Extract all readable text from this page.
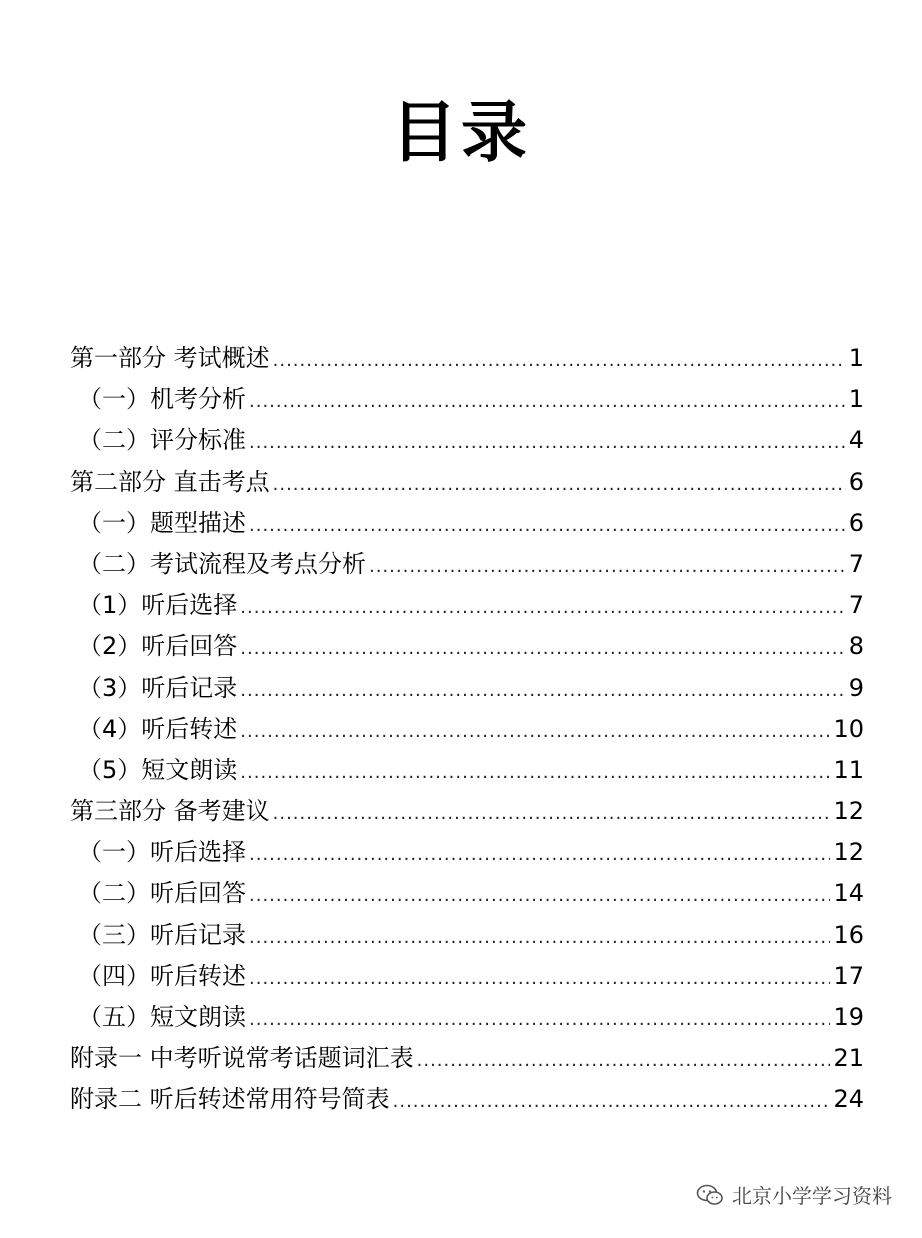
目录
第一部分 考试概述 .....	1
（一）机考分析 .....	1
（二）评分标准 .....	4
第二部分 直击考点 .....	6
（一）题型描述 .....	6
（二）考试流程及考点分析 .....	7
（1）听后选择 .....	7
（2）听后回答 .....	8
（3）听后记录 .....	9
（4）听后转述 .....	10
（5）短文朗读 .....	11
第三部分 备考建议 .....	12
（一）听后选择 .....	12
（二）听后回答 .....	14
（三）听后记录 .....	16
（四）听后转述 .....	17
（五）短文朗读 .....	19
附录一 中考听说常考话题词汇表 .....	21
附录二 听后转述常用符号简表 .....	24
北京小学学习资料
